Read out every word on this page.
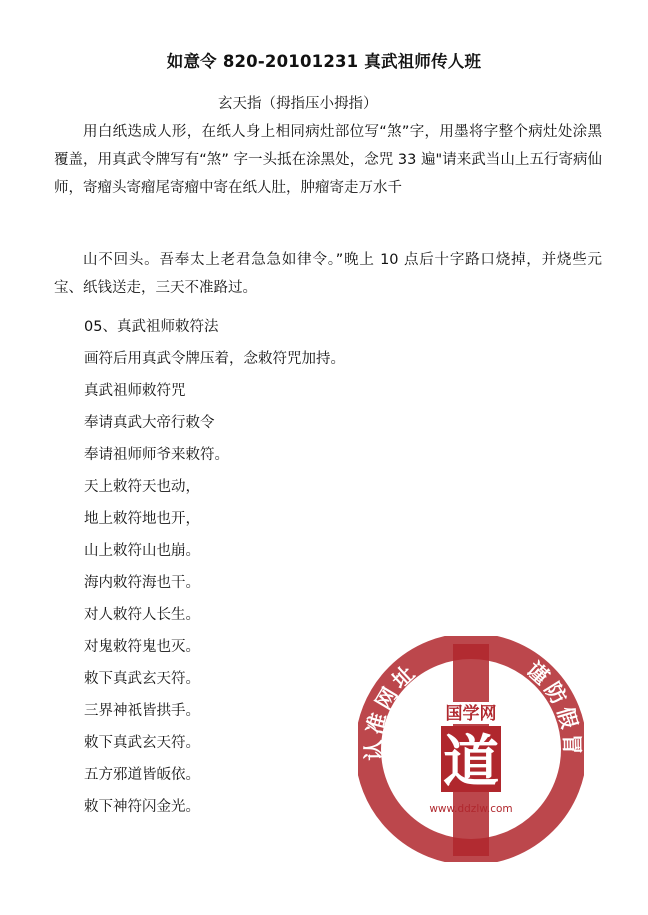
如意令 820-20101231 真武祖师传人班
玄天指（拇指压小拇指）

用白纸迭成人形，在纸人身上相同病灶部位写“煞”字，用墨将字整个病灶处涂黑覆盖，用真武令牌写有“煞” 字一头抵在涂黑处，念咒 33 遍"请来武当山上五行寄病仙师，寄瘤头寄瘤尾寄瘤中寄在纸人肚，肿瘤寄走万水千

山不回头。吾奉太上老君急急如律令。”晚上 10 点后十字路口烧掉，并烧些元宝、纸钱送走，三天不准路过。

05、真武祖师敕符法
画符后用真武令牌压着，念敕符咒加持。
真武祖师敕符咒
奉请真武大帝行敕令
奉请祖师师爷来敕符。
天上敕符天也动，
地上敕符地也开，
山上敕符山也崩。
海内敕符海也干。
对人敕符人长生。
对鬼敕符鬼也灭。
敕下真武玄天符。
三界神祇皆拱手。
敕下真武玄天符。
五方邪道皆皈依。
敕下神符闪金光。
认准网址	谨防假冒
国学网
道
www.ddzlw.com
